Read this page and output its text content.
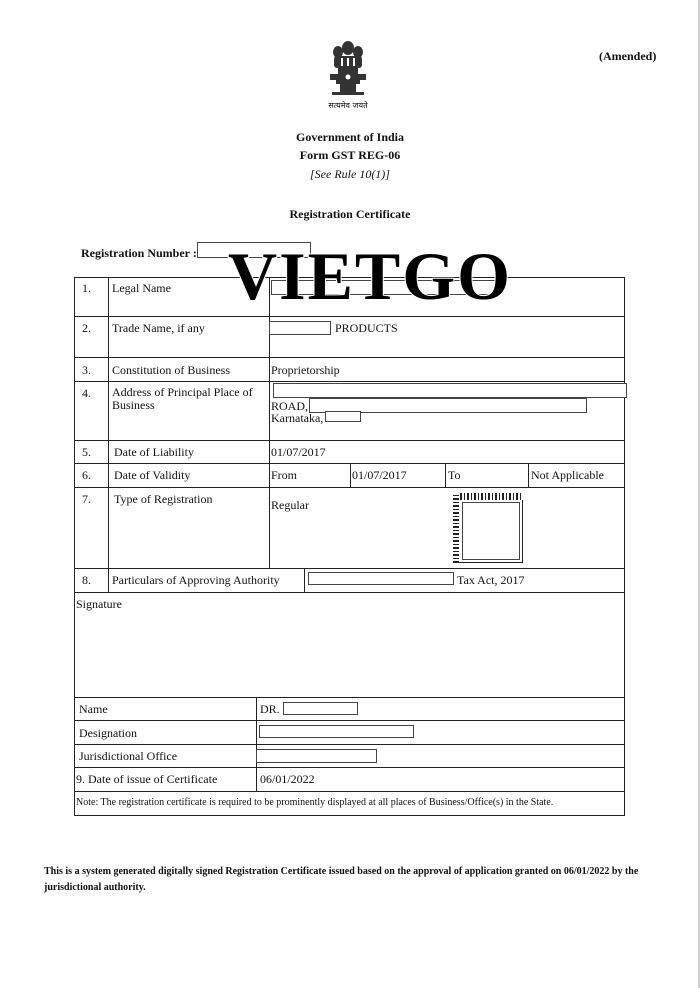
सत्यमेव जयते
(Amended)
Government of India
Form GST REG-06
[See Rule 10(1)]
Registration Certificate
Registration Number :
1. Legal Name
2. Trade Name, if any	PRODUCTS
3. Constitution of Business	Proprietorship
4. Address of Principal Place of Business	ROAD,
Karnataka,
5. Date of Liability	01/07/2017
6. Date of Validity	From	01/07/2017	To	Not Applicable
7. Type of Registration	Regular
8. Particulars of Approving Authority	Tax Act, 2017
Signature
Name	DR.
Designation
Jurisdictional Office
9. Date of issue of Certificate	06/01/2022
Note: The registration certificate is required to be prominently displayed at all places of Business/Office(s) in the State.
This is a system generated digitally signed Registration Certificate issued based on the approval of application granted on 06/01/2022 by the jurisdictional authority.
VIETGO
